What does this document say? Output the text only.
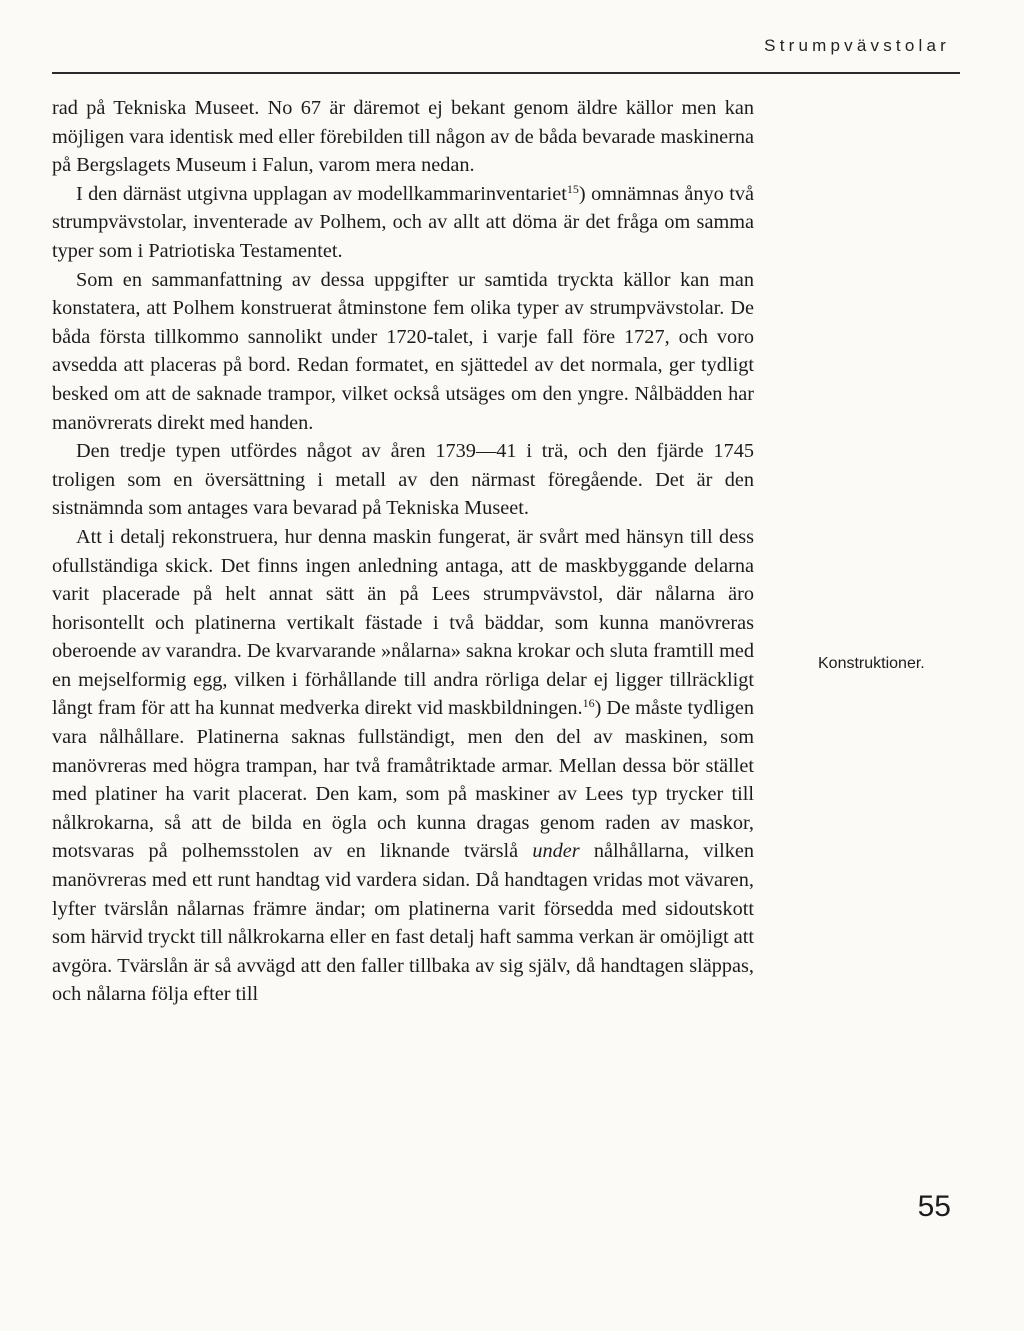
Strumpvävstolar

rad på Tekniska Museet. No 67 är däremot ej bekant genom äldre källor men kan möjligen vara identisk med eller förebilden till någon av de båda bevarade maskinerna på Bergslagets Museum i Falun, varom mera nedan.

I den därnäst utgivna upplagan av modellkammarinventariet$^{15}$) omnämnas ånyo två strumpvävstolar, inventerade av Polhem, och av allt att döma är det fråga om samma typer som i Patriotiska Testamentet.

Som en sammanfattning av dessa uppgifter ur samtida tryckta källor kan man konstatera, att Polhem konstruerat åtminstone fem olika typer av strumpvävstolar. De båda första tillkommo sannolikt under 1720-talet, i varje fall före 1727, och voro avsedda att placeras på bord. Redan formatet, en sjättedel av det normala, ger tydligt besked om att de saknade trampor, vilket också utsäges om den yngre. Nålbädden har manövrerats direkt med handen.

Den tredje typen utfördes något av åren 1739—41 i trä, och den fjärde 1745 troligen som en översättning i metall av den närmast föregående. Det är den sistnämnda som antages vara bevarad på Tekniska Museet.

Att i detalj rekonstruera, hur denna maskin fungerat, är svårt med hänsyn till dess ofullständiga skick. Det finns ingen anledning antaga, att de maskbyggande delarna varit placerade på helt annat sätt än på Lees strumpvävstol, där nålarna äro horisontellt och platinerna vertikalt fästade i två bäddar, som kunna manövreras oberoende av varandra. De kvarvarande »nålarna» sakna krokar och sluta framtill med en mejselformig egg, vilken i förhållande till andra rörliga delar ej ligger tillräckligt långt fram för att ha kunnat medverka direkt vid maskbildningen.$^{16}$) De måste tydligen vara nålhållare. Platinerna saknas fullständigt, men den del av maskinen, som manövreras med högra trampan, har två framåtriktade armar. Mellan dessa bör stället med platiner ha varit placerat. Den kam, som på maskiner av Lees typ trycker till nålkrokarna, så att de bilda en ögla och kunna dragas genom raden av maskor, motsvaras på polhemsstolen av en liknande tvärslå under nålhållarna, vilken manövreras med ett runt handtag vid vardera sidan. Då handtagen vridas mot vävaren, lyfter tvärslån nålarnas främre ändar; om platinerna varit försedda med sidoutskott som härvid tryckt till nålkrokarna eller en fast detalj haft samma verkan är omöjligt att avgöra. Tvärslån är så avvägd att den faller tillbaka av sig själv, då handtagen släppas, och nålarna följa efter till

Konstruktioner.
55
